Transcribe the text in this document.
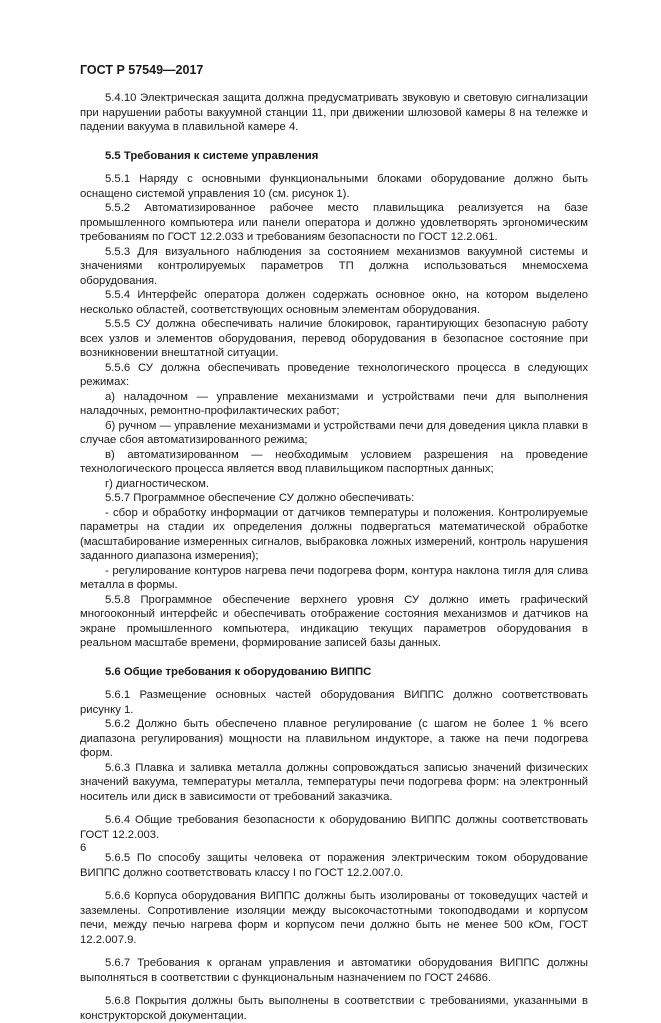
ГОСТ Р 57549—2017

5.4.10 Электрическая защита должна предусматривать звуковую и световую сигнализации при нарушении работы вакуумной станции 11, при движении шлюзовой камеры 8 на тележке и падении вакуума в плавильной камере 4.

5.5 Требования к системе управления

5.5.1 Наряду с основными функциональными блоками оборудование должно быть оснащено системой управления 10 (см. рисунок 1).

5.5.2 Автоматизированное рабочее место плавильщика реализуется на базе промышленного компьютера или панели оператора и должно удовлетворять эргономическим требованиям по ГОСТ 12.2.033 и требованиям безопасности по ГОСТ 12.2.061.

5.5.3 Для визуального наблюдения за состоянием механизмов вакуумной системы и значениями контролируемых параметров ТП должна использоваться мнемосхема оборудования.

5.5.4 Интерфейс оператора должен содержать основное окно, на котором выделено несколько областей, соответствующих основным элементам оборудования.

5.5.5 СУ должна обеспечивать наличие блокировок, гарантирующих безопасную работу всех узлов и элементов оборудования, перевод оборудования в безопасное состояние при возникновении внештатной ситуации.

5.5.6 СУ должна обеспечивать проведение технологического процесса в следующих режимах:

а) наладочном — управление механизмами и устройствами печи для выполнения наладочных, ремонтно-профилактических работ;

б) ручном — управление механизмами и устройствами печи для доведения цикла плавки в случае сбоя автоматизированного режима;

в) автоматизированном — необходимым условием разрешения на проведение технологического процесса является ввод плавильщиком паспортных данных;

г) диагностическом.

5.5.7 Программное обеспечение СУ должно обеспечивать:

- сбор и обработку информации от датчиков температуры и положения. Контролируемые параметры на стадии их определения должны подвергаться математической обработке (масштабирование измеренных сигналов, выбраковка ложных измерений, контроль нарушения заданного диапазона измерения);

- регулирование контуров нагрева печи подогрева форм, контура наклона тигля для слива металла в формы.

5.5.8 Программное обеспечение верхнего уровня СУ должно иметь графический многооконный интерфейс и обеспечивать отображение состояния механизмов и датчиков на экране промышленного компьютера, индикацию текущих параметров оборудования в реальном масштабе времени, формирование записей базы данных.

5.6 Общие требования к оборудованию ВИППС

5.6.1 Размещение основных частей оборудования ВИППС должно соответствовать рисунку 1.

5.6.2 Должно быть обеспечено плавное регулирование (с шагом не более 1 % всего диапазона регулирования) мощности на плавильном индукторе, а также на печи подогрева форм.

5.6.3 Плавка и заливка металла должны сопровождаться записью значений физических значений вакуума, температуры металла, температуры печи подогрева форм: на электронный носитель или диск в зависимости от требований заказчика.

5.6.4 Общие требования безопасности к оборудованию ВИППС должны соответствовать ГОСТ 12.2.003.

5.6.5 По способу защиты человека от поражения электрическим током оборудование ВИППС должно соответствовать классу I по ГОСТ 12.2.007.0.

5.6.6 Корпуса оборудования ВИППС должны быть изолированы от токоведущих частей и заземлены. Сопротивление изоляции между высокочастотными токоподводами и корпусом печи, между печью нагрева форм и корпусом печи должно быть не менее 500 кОм, ГОСТ 12.2.007.9.

5.6.7 Требования к органам управления и автоматики оборудования ВИППС должны выполняться в соответствии с функциональным назначением по ГОСТ 24686.

5.6.8 Покрытия должны быть выполнены в соответствии с требованиями, указанными в конструкторской документации.

6
